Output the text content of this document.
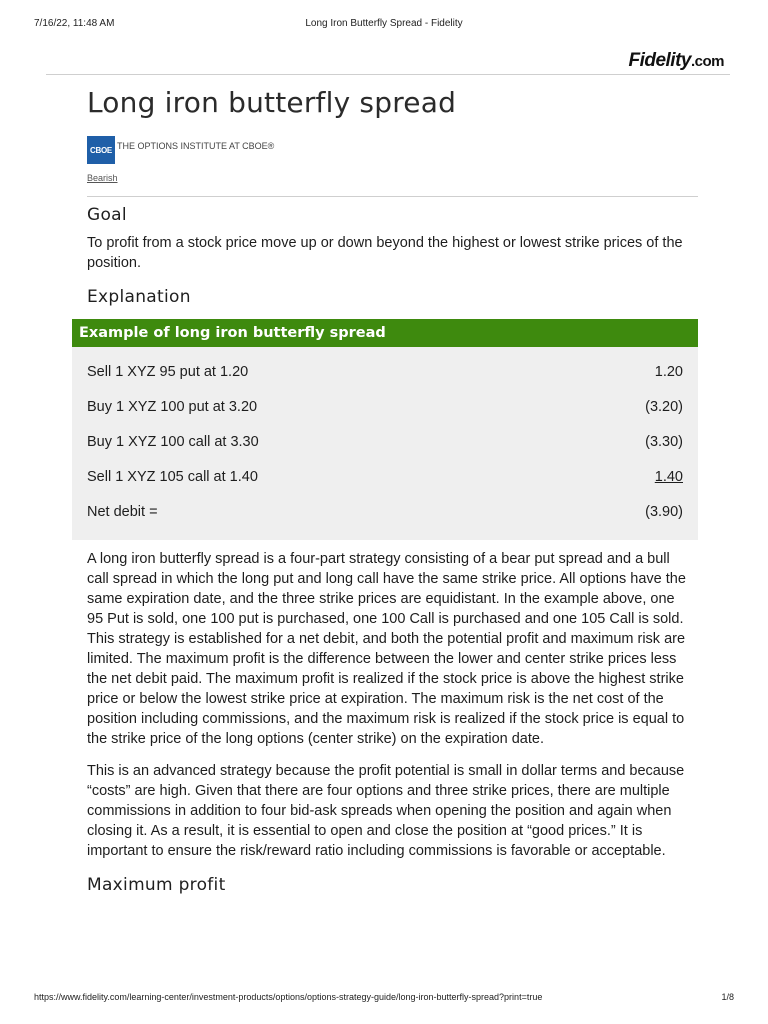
7/16/22, 11:48 AM	Long Iron Butterfly Spread - Fidelity
Fidelity.com
Long iron butterfly spread
CBOE THE OPTIONS INSTITUTE AT CBOE®
Bearish
Goal

To profit from a stock price move up or down beyond the highest or lowest strike prices of the position.

Explanation
Example of long iron butterfly spread
Sell 1 XYZ 95 put at 1.20	1.20
Buy 1 XYZ 100 put at 3.20	(3.20)
Buy 1 XYZ 100 call at 3.30	(3.30)
Sell 1 XYZ 105 call at 1.40	1.40
Net debit =	(3.90)

A long iron butterfly spread is a four-part strategy consisting of a bear put spread and a bull call spread in which the long put and long call have the same strike price. All options have the same expiration date, and the three strike prices are equidistant. In the example above, one 95 Put is sold, one 100 put is purchased, one 100 Call is purchased and one 105 Call is sold. This strategy is established for a net debit, and both the potential profit and maximum risk are limited. The maximum profit is the difference between the lower and center strike prices less the net debit paid. The maximum profit is realized if the stock price is above the highest strike price or below the lowest strike price at expiration. The maximum risk is the net cost of the position including commissions, and the maximum risk is realized if the stock price is equal to the strike price of the long options (center strike) on the expiration date.

This is an advanced strategy because the profit potential is small in dollar terms and because “costs” are high. Given that there are four options and three strike prices, there are multiple commissions in addition to four bid-ask spreads when opening the position and again when closing it. As a result, it is essential to open and close the position at “good prices.” It is important to ensure the risk/reward ratio including commissions is favorable or acceptable.

Maximum profit
https://www.fidelity.com/learning-center/investment-products/options/options-strategy-guide/long-iron-butterfly-spread?print=true	1/8
